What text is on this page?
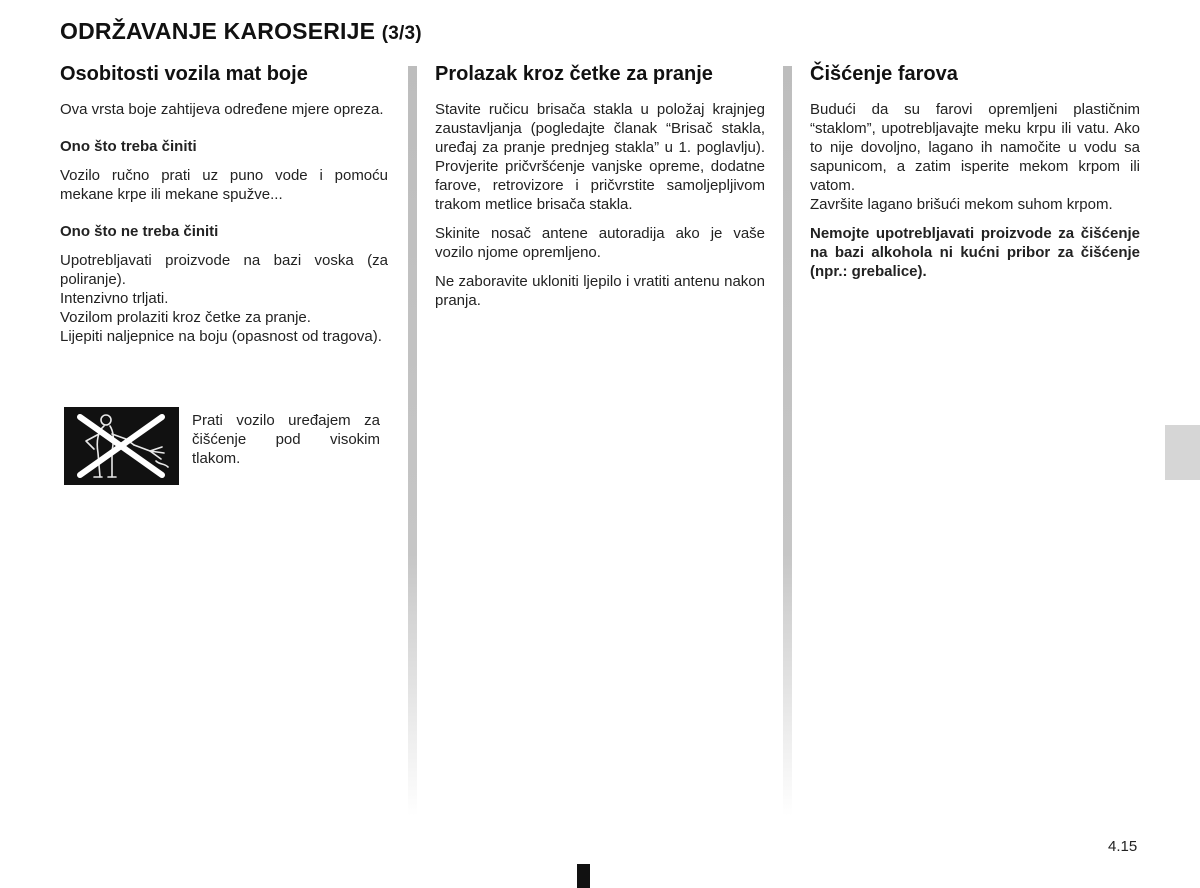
ODRŽAVANJE KAROSERIJE (3/3)
Osobitosti vozila mat boje

Ova vrsta boje zahtijeva određene mjere opreza.

Ono što treba činiti

Vozilo ručno prati uz puno vode i pomoću mekane krpe ili mekane spužve...

Ono što ne treba činiti

Upotrebljavati proizvode na bazi voska (za poliranje).

Intenzivno trljati.

Vozilom prolaziti kroz četke za pranje.

Lijepiti naljepnice na boju (opasnost od tragova).

Prati vozilo uređajem za čišćenje pod visokim tlakom.
Prolazak kroz četke za pranje

Stavite ručicu brisača stakla u položaj krajnjeg zaustavljanja (pogledajte članak “Brisač stakla, uređaj za pranje prednjeg stakla” u 1. poglavlju). Provjerite pričvršćenje vanjske opreme, dodatne farove, retrovizore i pričvrstite samoljepljivom trakom metlice brisača stakla.

Skinite nosač antene autoradija ako je vaše vozilo njome opremljeno.

Ne zaboravite ukloniti ljepilo i vratiti antenu nakon pranja.

Čišćenje farova

Budući da su farovi opremljeni plastičnim “staklom”, upotrebljavajte meku krpu ili vatu. Ako to nije dovoljno, lagano ih namočite u vodu sa sapunicom, a zatim isperite mekom krpom ili vatom.

Završite lagano brišući mekom suhom krpom.

Nemojte upotrebljavati proizvode za čišćenje na bazi alkohola ni kućni pribor za čišćenje (npr.: grebalice).

4.15
